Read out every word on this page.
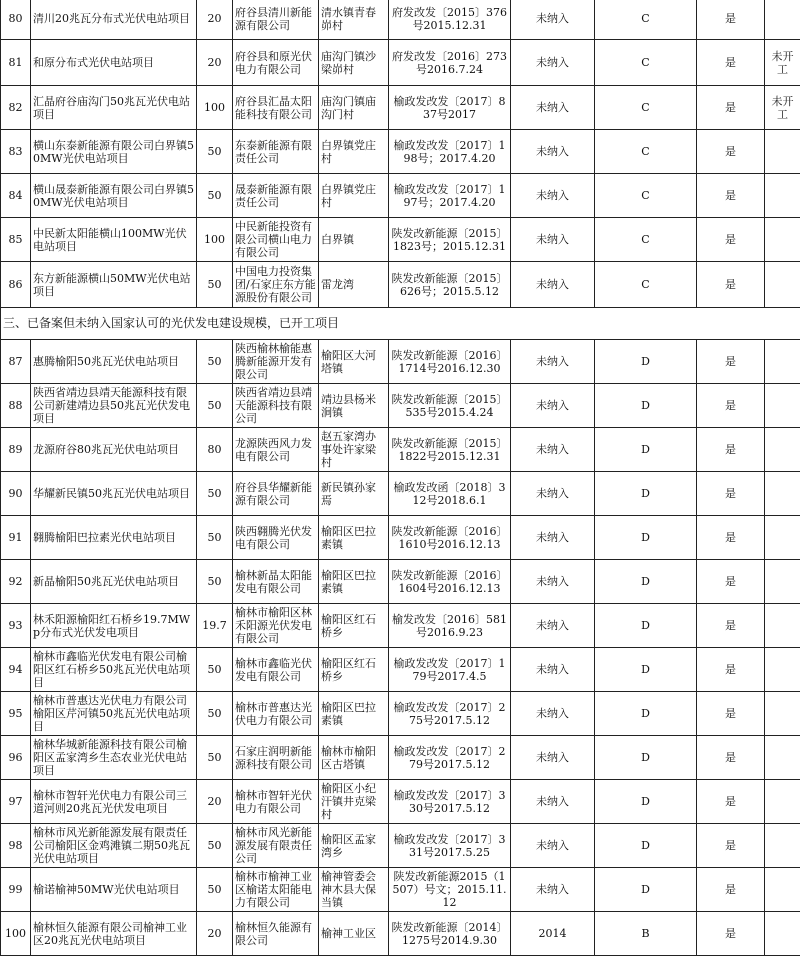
80	清川20兆瓦分布式光伏电站项目	20	府谷县清川新能源有限公司	清水镇青春峁村	府发改发〔2015〕376号2015.12.31	未纳入	C	是	
81	和原分布式光伏电站项目	20	府谷县和原光伏电力有限公司	庙沟门镇沙梁峁村	府发改发〔2016〕273号2016.7.24	未纳入	C	是	未开工
82	汇晶府谷庙沟门50兆瓦光伏电站项目	100	府谷县汇晶太阳能科技有限公司	庙沟门镇庙沟门村	榆政发改发〔2017〕837号2017	未纳入	C	是	未开工
83	横山东泰新能源有限公司白界镇50MW光伏电站项目	50	东泰新能源有限责任公司	白界镇党庄村	榆政发改发〔2017〕198号；2017.4.20	未纳入	C	是	
84	横山晟泰新能源有限公司白界镇50MW光伏电站项目	50	晟泰新能源有限责任公司	白界镇党庄村	榆政发改发〔2017〕197号；2017.4.20	未纳入	C	是	
85	中民新太阳能横山100MW光伏电站项目	100	中民新能投资有限公司横山电力有限公司	白界镇	陕发改新能源〔2015〕1823号；2015.12.31	未纳入	C	是	
86	东方新能源横山50MW光伏电站项目	50	中国电力投资集团/石家庄东方能源股份有限公司	雷龙湾	陕发改新能源〔2015〕626号；2015.5.12	未纳入	C	是	
三、已备案但未纳入国家认可的光伏发电建设规模，已开工项目									
87	惠腾榆阳50兆瓦光伏电站项目	50	陕西榆林榆能惠腾新能源开发有限公司	榆阳区大河塔镇	陕发改新能源〔2016〕1714号2016.12.30	未纳入	D	是	
88	陕西省靖边县靖天能源科技有限公司新建靖边县50兆瓦光伏发电项目	50	陕西省靖边县靖天能源科技有限公司	靖边县杨米涧镇	陕发改新能源〔2015〕535号2015.4.24	未纳入	D	是	
89	龙源府谷80兆瓦光伏电站项目	80	龙源陕西风力发电有限公司	赵五家湾办事处许家梁村	陕发改新能源〔2015〕1822号2015.12.31	未纳入	D	是	
90	华耀新民镇50兆瓦光伏电站项目	50	府谷县华耀新能源有限公司	新民镇孙家焉	榆政发改函〔2018〕312号2018.6.1	未纳入	D	是	
91	翱腾榆阳巴拉素光伏电站项目	50	陕西翱腾光伏发电有限公司	榆阳区巴拉素镇	陕发改新能源〔2016〕1610号2016.12.13	未纳入	D	是	
92	新晶榆阳50兆瓦光伏电站项目	50	榆林新晶太阳能发电有限公司	榆阳区巴拉素镇	陕发改新能源〔2016〕1604号2016.12.13	未纳入	D	是	
93	林禾阳源榆阳红石桥乡19.7MWp分布式光伏发电项目	19.7	榆林市榆阳区林禾阳源光伏发电有限公司	榆阳区红石桥乡	榆发改发〔2016〕581号2016.9.23	未纳入	D	是	
94	榆林市鑫临光伏发电有限公司榆阳区红石桥乡50兆瓦光伏电站项目	50	榆林市鑫临光伏发电有限公司	榆阳区红石桥乡	榆政发改发〔2017〕179号2017.4.5	未纳入	D	是	
95	榆林市普惠达光伏电力有限公司榆阳区芹河镇50兆瓦光伏电站项目	50	榆林市普惠达光伏电力有限公司	榆阳区巴拉素镇	榆政发改发〔2017〕275号2017.5.12	未纳入	D	是	
96	榆林华城新能源科技有限公司榆阳区孟家湾乡生态农业光伏电站项目	50	石家庄润明新能源科技有限公司	榆林市榆阳区古塔镇	榆政发改发〔2017〕279号2017.5.12	未纳入	D	是	
97	榆林市智轩光伏电力有限公司三道河则20兆瓦光伏发电项目	20	榆林市智轩光伏电力有限公司	榆阳区小纪汗镇井克梁村	榆政发改发〔2017〕330号2017.5.12	未纳入	D	是	
98	榆林市风光新能源发展有限责任公司榆阳区金鸡滩镇二期50兆瓦光伏电站项目	50	榆林市风光新能源发展有限责任公司	榆阳区孟家湾乡	榆政发改发〔2017〕331号2017.5.25	未纳入	D	是	
99	榆诺榆神50MW光伏电站项目	50	榆林市榆神工业区榆诺太阳能电力有限公司	榆神管委会神木县大保当镇	陕发改新能源2015（1507）号文；2015.11.12	未纳入	D	是	
100	榆林恒久能源有限公司榆神工业区20兆瓦光伏电站项目	20	榆林恒久能源有限公司	榆神工业区	陕发改新能源〔2014〕1275号2014.9.30	2014	B	是	
